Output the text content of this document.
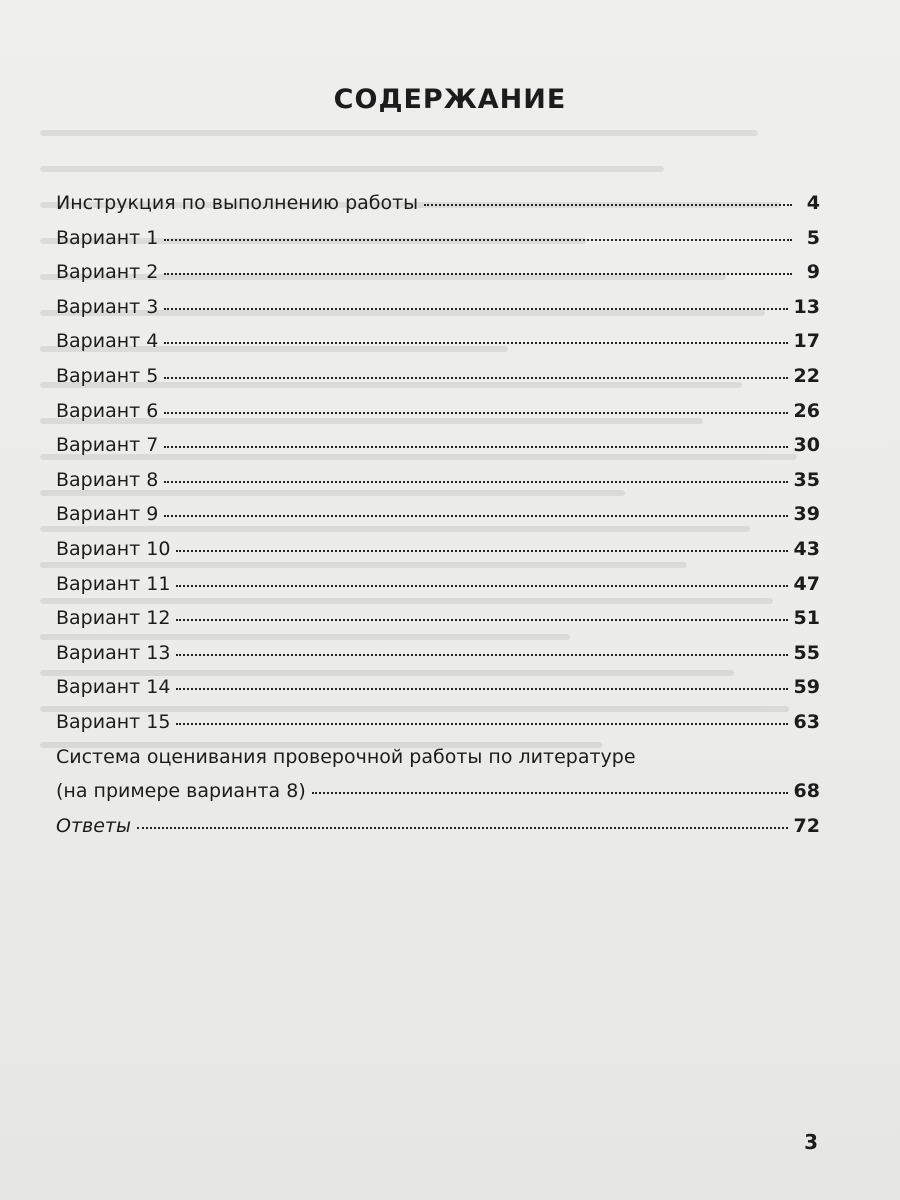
СОДЕРЖАНИЕ
Инструкция по выполнению работы	4
Вариант 1	5
Вариант 2	9
Вариант 3	13
Вариант 4	17
Вариант 5	22
Вариант 6	26
Вариант 7	30
Вариант 8	35
Вариант 9	39
Вариант 10	43
Вариант 11	47
Вариант 12	51
Вариант 13	55
Вариант 14	59
Вариант 15	63
Система оценивания проверочной работы по литературе
(на примере варианта 8)	68
Ответы	72
3
